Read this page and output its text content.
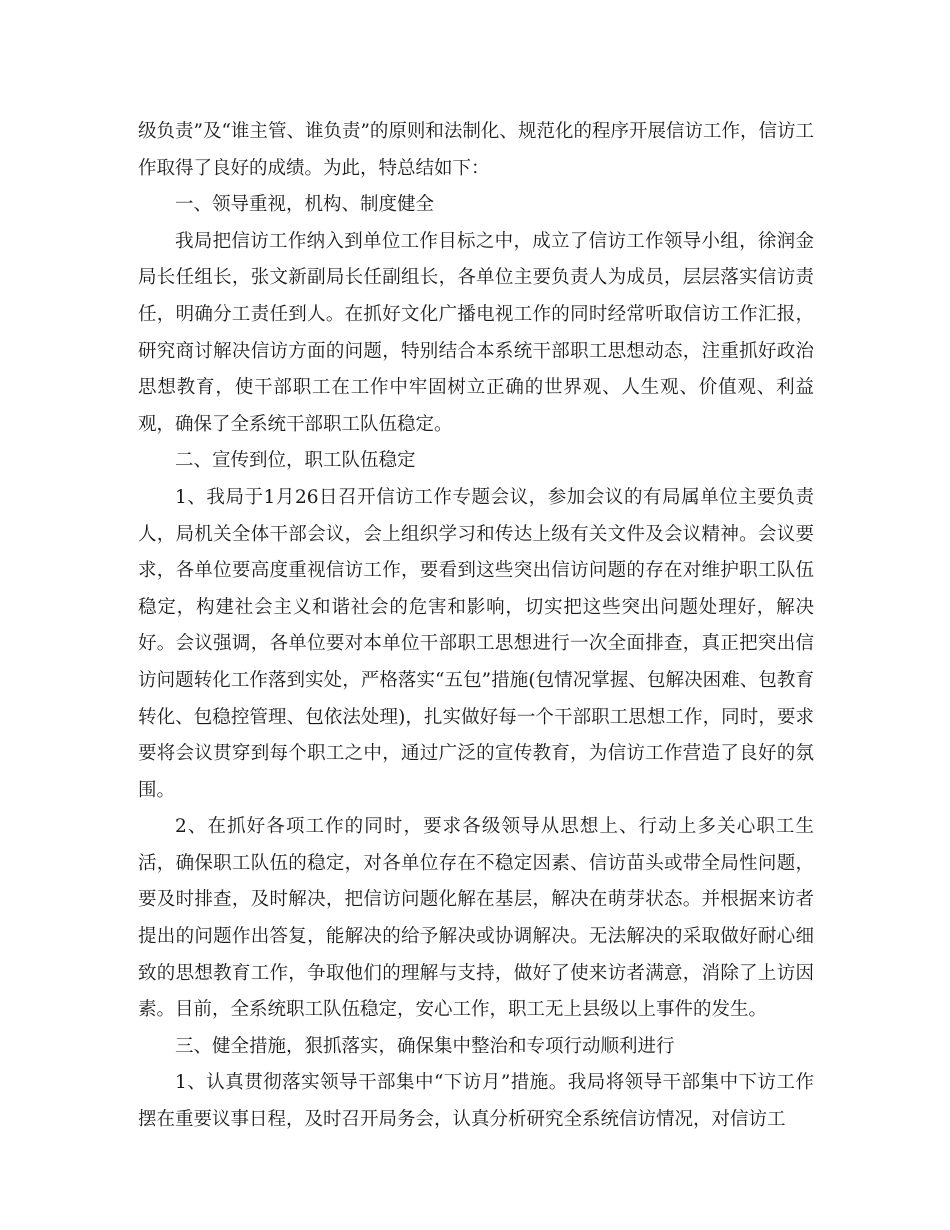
级负责”及“谁主管、谁负责”的原则和法制化、规范化的程序开展信访工作，信访工作取得了良好的成绩。为此，特总结如下：

一、领导重视，机构、制度健全

我局把信访工作纳入到单位工作目标之中，成立了信访工作领导小组，徐润金局长任组长，张文新副局长任副组长，各单位主要负责人为成员，层层落实信访责任，明确分工责任到人。在抓好文化广播电视工作的同时经常听取信访工作汇报，研究商讨解决信访方面的问题，特别结合本系统干部职工思想动态，注重抓好政治思想教育，使干部职工在工作中牢固树立正确的世界观、人生观、价值观、利益观，确保了全系统干部职工队伍稳定。

二、宣传到位，职工队伍稳定

1、我局于1月26日召开信访工作专题会议，参加会议的有局属单位主要负责人，局机关全体干部会议，会上组织学习和传达上级有关文件及会议精神。会议要求，各单位要高度重视信访工作，要看到这些突出信访问题的存在对维护职工队伍稳定，构建社会主义和谐社会的危害和影响，切实把这些突出问题处理好，解决好。会议强调，各单位要对本单位干部职工思想进行一次全面排查，真正把突出信访问题转化工作落到实处，严格落实“五包”措施(包情况掌握、包解决困难、包教育转化、包稳控管理、包依法处理)，扎实做好每一个干部职工思想工作，同时，要求要将会议贯穿到每个职工之中，通过广泛的宣传教育，为信访工作营造了良好的氛围。

2、在抓好各项工作的同时，要求各级领导从思想上、行动上多关心职工生活，确保职工队伍的稳定，对各单位存在不稳定因素、信访苗头或带全局性问题，要及时排查，及时解决，把信访问题化解在基层，解决在萌芽状态。并根据来访者提出的问题作出答复，能解决的给予解决或协调解决。无法解决的采取做好耐心细致的思想教育工作，争取他们的理解与支持，做好了使来访者满意，消除了上访因素。目前，全系统职工队伍稳定，安心工作，职工无上县级以上事件的发生。

三、健全措施，狠抓落实，确保集中整治和专项行动顺利进行

1、认真贯彻落实领导干部集中“下访月”措施。我局将领导干部集中下访工作摆在重要议事日程，及时召开局务会，认真分析研究全系统信访情况，对信访工
